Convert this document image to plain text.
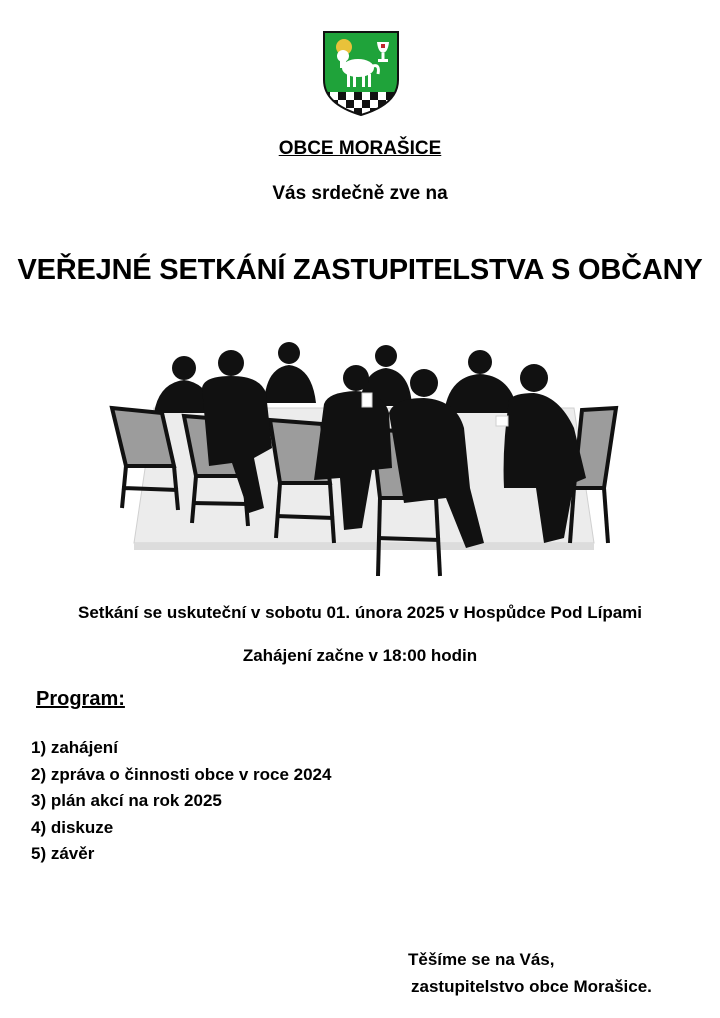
OBCE MORAŠICE
Vás srdečně zve na
VEŘEJNÉ SETKÁNÍ ZASTUPITELSTVA S OBČANY
Setkání se uskuteční v sobotu 01. února 2025 v Hospůdce Pod Lípami
Zahájení začne v 18:00 hodin
Program:
1) zahájení
2) zpráva o činnosti obce v roce 2024
3) plán akcí na rok 2025
4) diskuze
5) závěr
Těšíme se na Vás,
zastupitelstvo obce Morašice.
